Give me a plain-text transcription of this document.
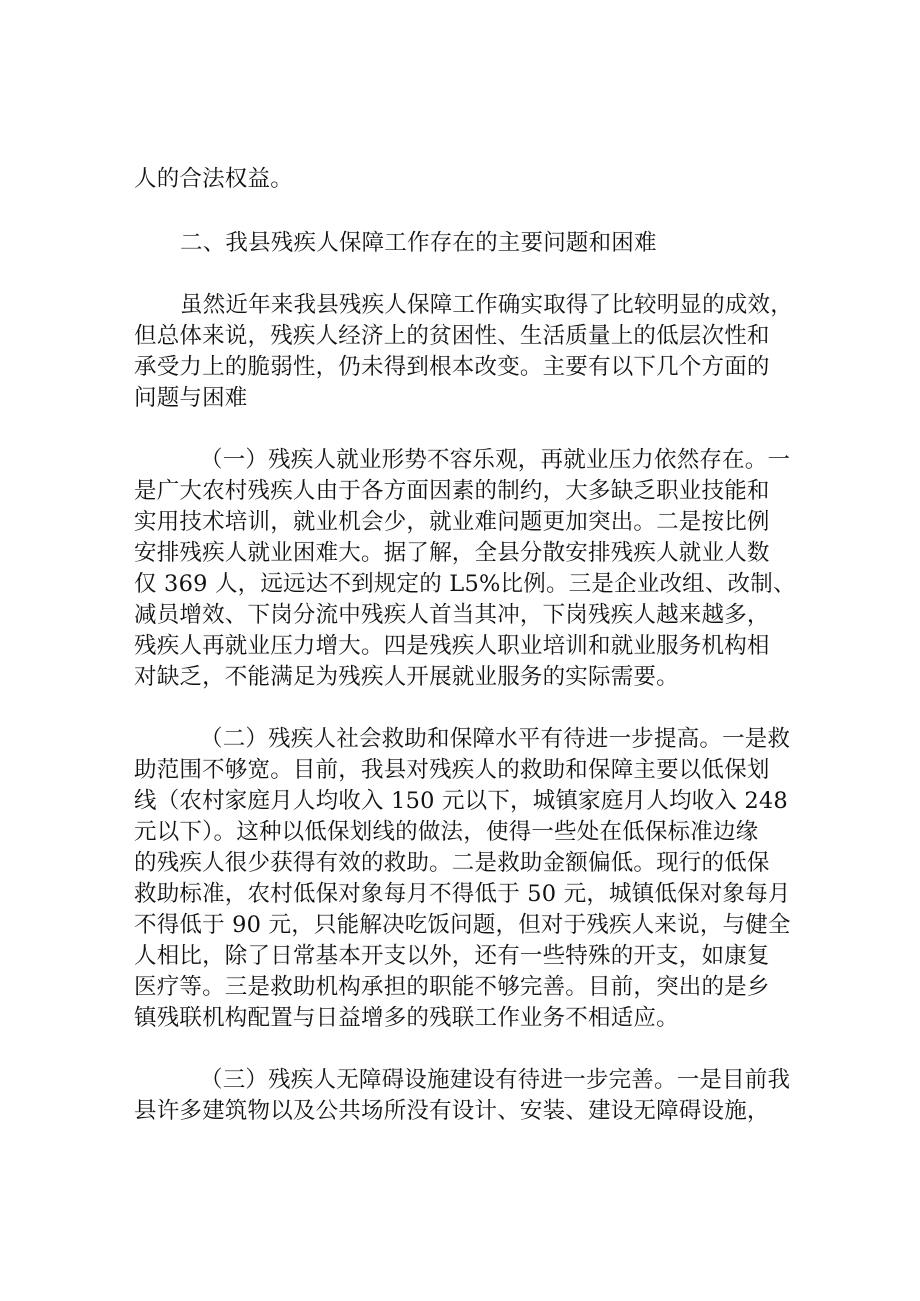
人的合法权益。
二、我县残疾人保障工作存在的主要问题和困难
虽然近年来我县残疾人保障工作确实取得了比较明显的成效，
但总体来说，残疾人经济上的贫困性、生活质量上的低层次性和
承受力上的脆弱性，仍未得到根本改变。主要有以下几个方面的
问题与困难
（一）残疾人就业形势不容乐观，再就业压力依然存在。一
是广大农村残疾人由于各方面因素的制约，大多缺乏职业技能和
实用技术培训，就业机会少，就业难问题更加突出。二是按比例
安排残疾人就业困难大。据了解，全县分散安排残疾人就业人数
仅 369 人，远远达不到规定的 L5%比例。三是企业改组、改制、
减员增效、下岗分流中残疾人首当其冲，下岗残疾人越来越多，
残疾人再就业压力增大。四是残疾人职业培训和就业服务机构相
对缺乏，不能满足为残疾人开展就业服务的实际需要。
（二）残疾人社会救助和保障水平有待进一步提高。一是救
助范围不够宽。目前，我县对残疾人的救助和保障主要以低保划
线（农村家庭月人均收入 150 元以下，城镇家庭月人均收入 248
元以下）。这种以低保划线的做法，使得一些处在低保标准边缘
的残疾人很少获得有效的救助。二是救助金额偏低。现行的低保
救助标准，农村低保对象每月不得低于 50 元，城镇低保对象每月
不得低于 90 元，只能解决吃饭问题，但对于残疾人来说，与健全
人相比，除了日常基本开支以外，还有一些特殊的开支，如康复
医疗等。三是救助机构承担的职能不够完善。目前，突出的是乡
镇残联机构配置与日益增多的残联工作业务不相适应。
（三）残疾人无障碍设施建设有待进一步完善。一是目前我
县许多建筑物以及公共场所没有设计、安装、建设无障碍设施，
